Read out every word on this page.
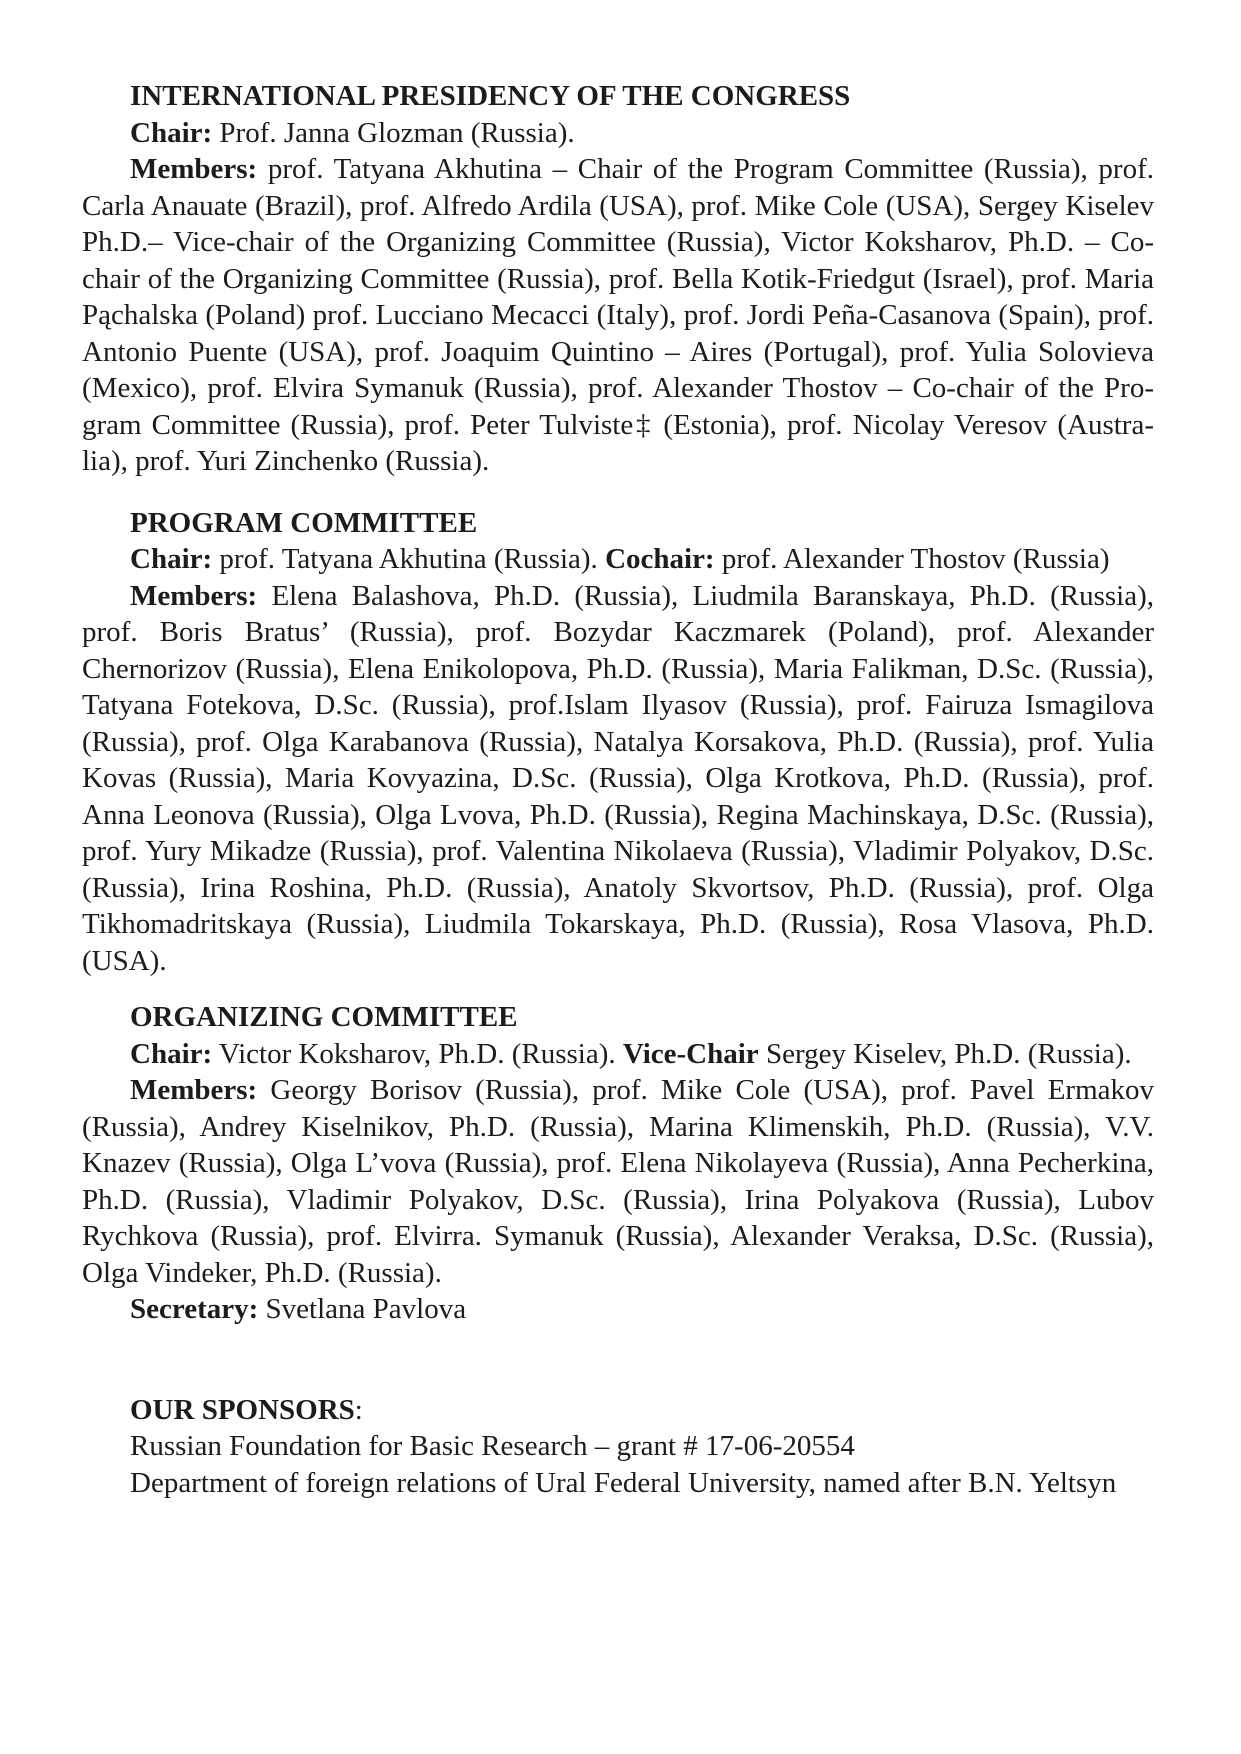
INTERNATIONAL PRESIDENCY OF THE CONGRESS

Chair: Prof. Janna Glozman (Russia).

Members: prof. Tatyana Akhutina – Chair of the Program Committee (Russia), prof. Carla Anauate (Brazil), prof. Alfredo Ardila (USA), prof. Mike Cole (USA), Sergey Kiselev Ph.D.– Vice-chair of the Organizing Committee (Russia), Victor Koksharov, Ph.D. – Co-chair of the Organizing Committee (Russia), prof. Bella Kotik-Friedgut (Israel), prof. Maria Pąchalska (Poland) prof. Lucciano Mecacci (Italy), prof. Jordi Peña-Casanova (Spain), prof. Antonio Puente (USA), prof. Joaquim Quintino – Aires (Portugal), prof. Yulia Solovieva (Mexico), prof. Elvira Symanuk (Russia), prof. Alexander Thostov – Co-chair of the Program Committee (Russia), prof. Peter Tulviste‡ (Estonia), prof. Nicolay Veresov (Australia), prof. Yuri Zinchenko (Russia).

PROGRAM COMMITTEE

Chair: prof. Tatyana Akhutina (Russia). Cochair: prof. Alexander Thostov (Russia)

Members: Elena Balashova, Ph.D. (Russia), Liudmila Baranskaya, Ph.D. (Russia), prof. Boris Bratus’ (Russia), prof. Bozydar Kaczmarek (Poland), prof. Alexander Chernorizov (Russia), Elena Enikolopova, Ph.D. (Russia), Maria Falikman, D.Sc. (Russia), Tatyana Fotekova, D.Sc. (Russia), prof.Islam Ilyasov (Russia), prof. Fairuza Ismagilova (Russia), prof. Olga Karabanova (Russia), Natalya Korsakova, Ph.D. (Russia), prof. Yulia Kovas (Russia), Maria Kovyazina, D.Sc. (Russia), Olga Krotkova, Ph.D. (Russia), prof. Anna Leonova (Russia), Olga Lvova, Ph.D. (Russia), Regina Machinskaya, D.Sc. (Russia), prof. Yury Mikadze (Russia), prof. Valentina Nikolaeva (Russia), Vladimir Polyakov, D.Sc. (Russia), Irina Roshina, Ph.D. (Russia), Anatoly Skvortsov, Ph.D. (Russia), prof. Olga Tikhomadritskaya (Russia), Liudmila Tokarskaya, Ph.D. (Russia), Rosa Vlasova, Ph.D. (USA).

ORGANIZING COMMITTEE

Chair: Victor Koksharov, Ph.D. (Russia). Vice-Chair Sergey Kiselev, Ph.D. (Russia).

Members: Georgy Borisov (Russia), prof. Mike Cole (USA), prof. Pavel Ermakov (Russia), Andrey Kiselnikov, Ph.D. (Russia), Marina Klimenskih, Ph.D. (Russia), V.V. Knazev (Russia), Olga L’vova (Russia), prof. Elena Nikolayeva (Russia), Anna Pecherkina, Ph.D. (Russia), Vladimir Polyakov, D.Sc. (Russia), Irina Polyakova (Russia), Lubov Rychkova (Russia), prof. Elvirra. Symanuk (Russia), Alexander Veraksa, D.Sc. (Russia), Olga Vindeker, Ph.D. (Russia).

Secretary: Svetlana Pavlova

OUR SPONSORS:

Russian Foundation for Basic Research – grant # 17-06-20554

Department of foreign relations of Ural Federal University, named after B.N. Yeltsyn
